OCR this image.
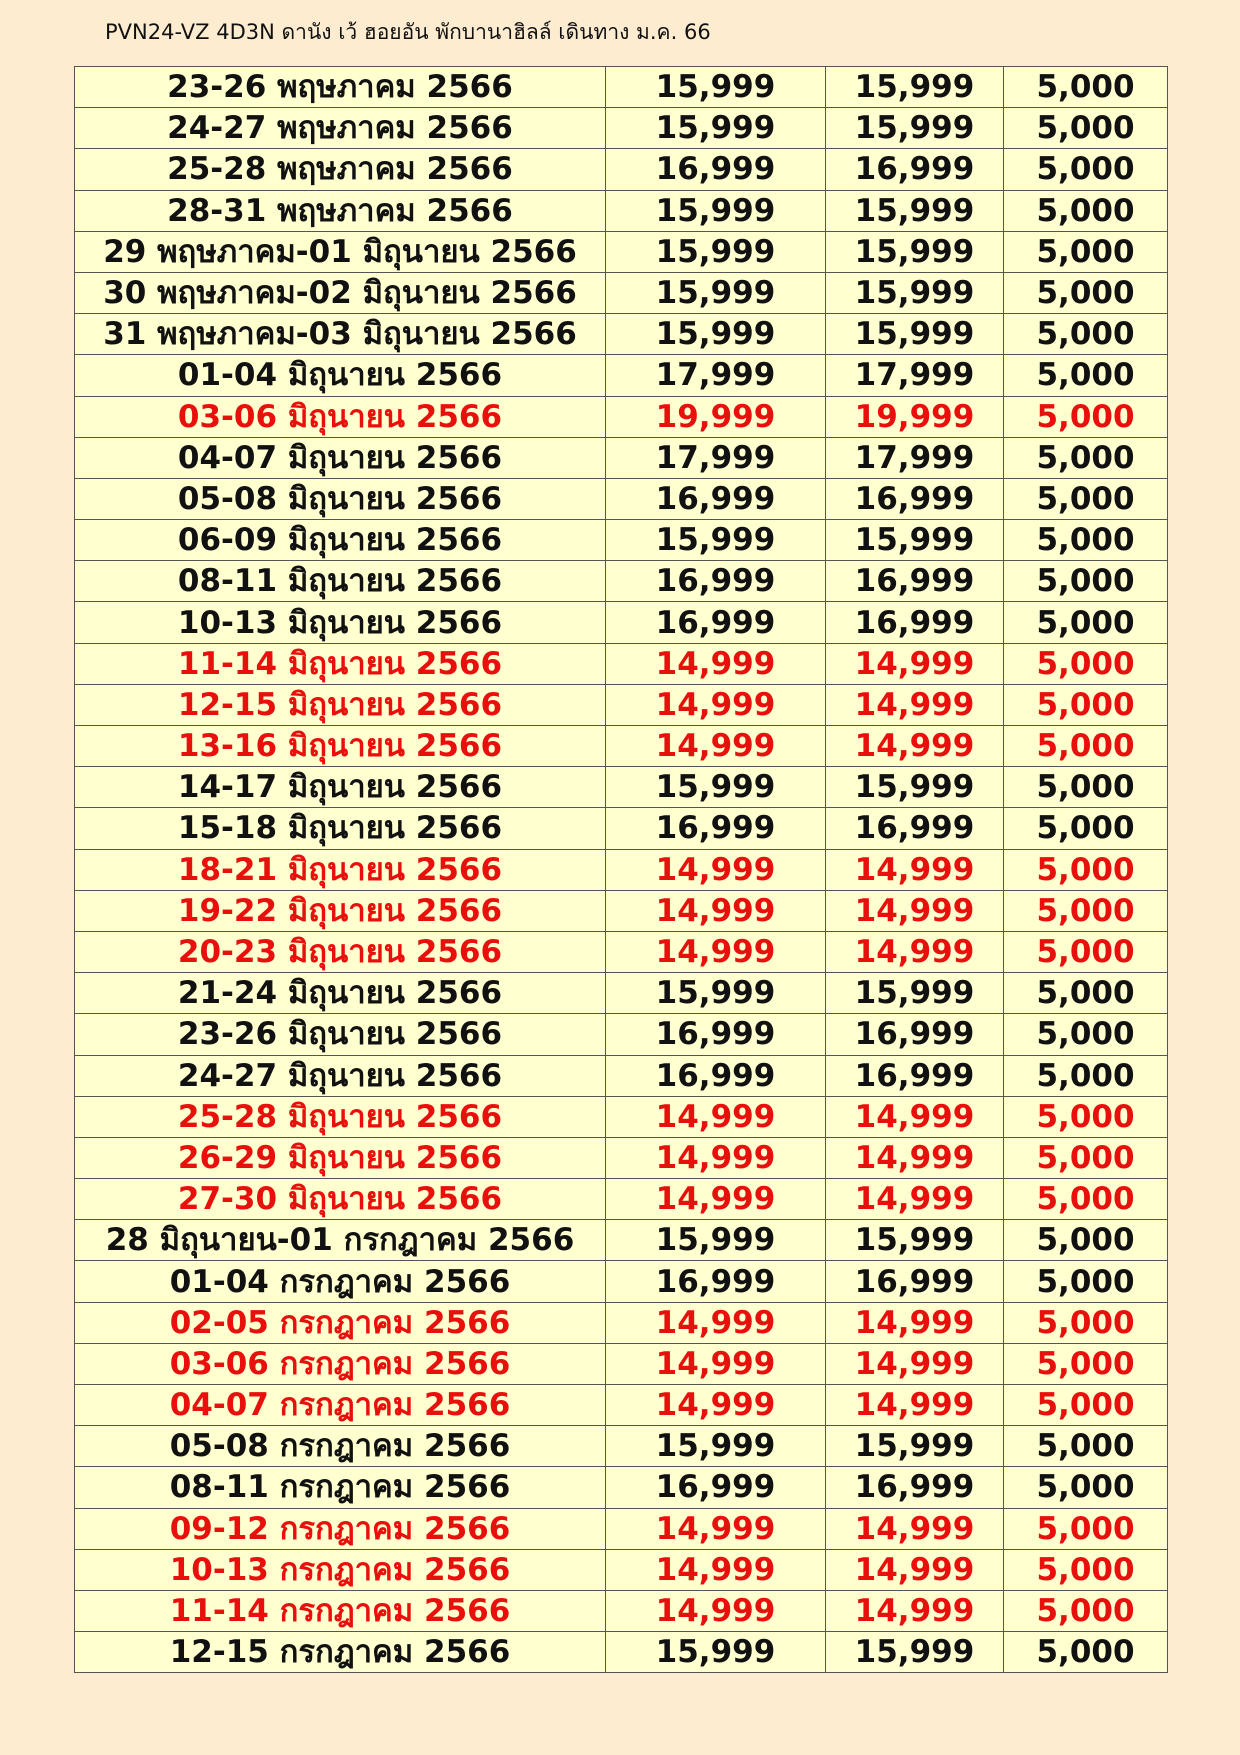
PVN24-VZ 4D3N ดานัง เว้ ฮอยอัน พักบานาฮิลล์ เดินทาง ม.ค. 66
23-26 พฤษภาคม 2566	15,999	15,999	5,000
24-27 พฤษภาคม 2566	15,999	15,999	5,000
25-28 พฤษภาคม 2566	16,999	16,999	5,000
28-31 พฤษภาคม 2566	15,999	15,999	5,000
29 พฤษภาคม-01 มิถุนายน 2566	15,999	15,999	5,000
30 พฤษภาคม-02 มิถุนายน 2566	15,999	15,999	5,000
31 พฤษภาคม-03 มิถุนายน 2566	15,999	15,999	5,000
01-04 มิถุนายน 2566	17,999	17,999	5,000
03-06 มิถุนายน 2566	19,999	19,999	5,000
04-07 มิถุนายน 2566	17,999	17,999	5,000
05-08 มิถุนายน 2566	16,999	16,999	5,000
06-09 มิถุนายน 2566	15,999	15,999	5,000
08-11 มิถุนายน 2566	16,999	16,999	5,000
10-13 มิถุนายน 2566	16,999	16,999	5,000
11-14 มิถุนายน 2566	14,999	14,999	5,000
12-15 มิถุนายน 2566	14,999	14,999	5,000
13-16 มิถุนายน 2566	14,999	14,999	5,000
14-17 มิถุนายน 2566	15,999	15,999	5,000
15-18 มิถุนายน 2566	16,999	16,999	5,000
18-21 มิถุนายน 2566	14,999	14,999	5,000
19-22 มิถุนายน 2566	14,999	14,999	5,000
20-23 มิถุนายน 2566	14,999	14,999	5,000
21-24 มิถุนายน 2566	15,999	15,999	5,000
23-26 มิถุนายน 2566	16,999	16,999	5,000
24-27 มิถุนายน 2566	16,999	16,999	5,000
25-28 มิถุนายน 2566	14,999	14,999	5,000
26-29 มิถุนายน 2566	14,999	14,999	5,000
27-30 มิถุนายน 2566	14,999	14,999	5,000
28 มิถุนายน-01 กรกฎาคม 2566	15,999	15,999	5,000
01-04 กรกฎาคม 2566	16,999	16,999	5,000
02-05 กรกฎาคม 2566	14,999	14,999	5,000
03-06 กรกฎาคม 2566	14,999	14,999	5,000
04-07 กรกฎาคม 2566	14,999	14,999	5,000
05-08 กรกฎาคม 2566	15,999	15,999	5,000
08-11 กรกฎาคม 2566	16,999	16,999	5,000
09-12 กรกฎาคม 2566	14,999	14,999	5,000
10-13 กรกฎาคม 2566	14,999	14,999	5,000
11-14 กรกฎาคม 2566	14,999	14,999	5,000
12-15 กรกฎาคม 2566	15,999	15,999	5,000
